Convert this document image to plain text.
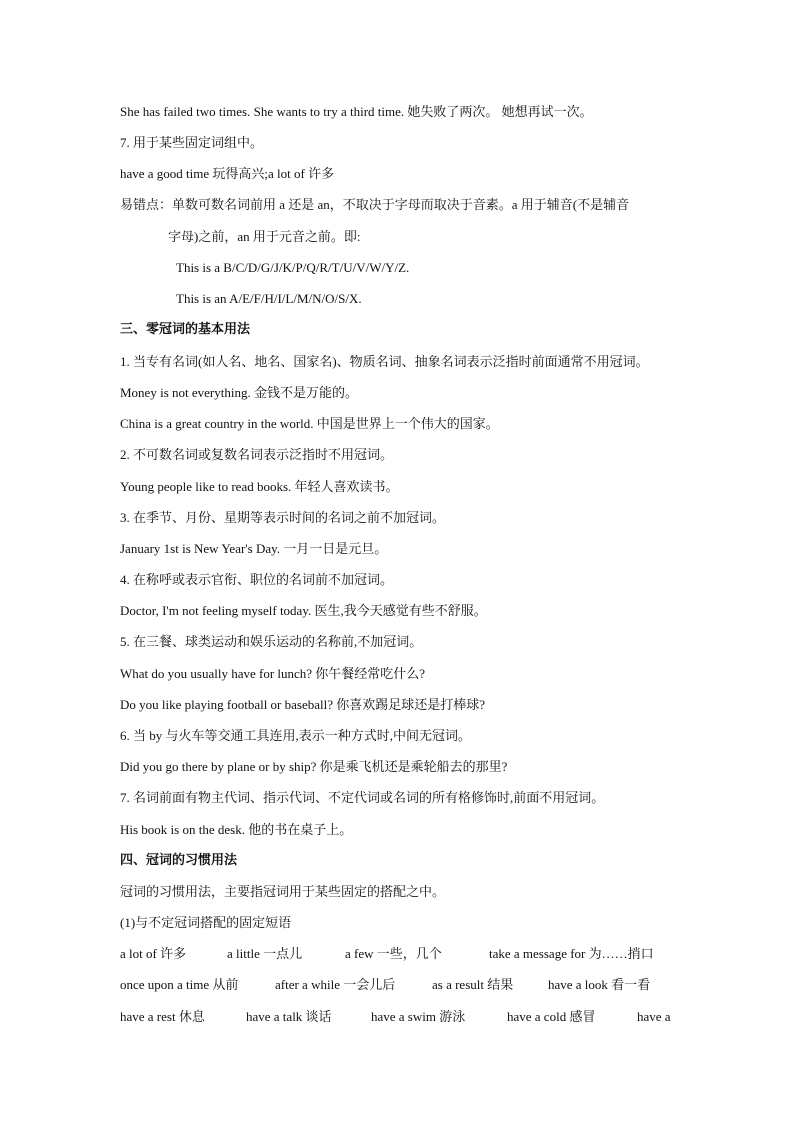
She has failed two times. She wants to try a third time. 她失败了两次。 她想再试一次。
7. 用于某些固定词组中。
have a good time 玩得高兴;a lot of 许多
易错点：单数可数名词前用 a 还是 an，不取决于字母而取决于音素。a 用于辅音(不是辅音
字母)之前，an 用于元音之前。即:
This is a B/C/D/G/J/K/P/Q/R/T/U/V/W/Y/Z.
This is an A/E/F/H/I/L/M/N/O/S/X.
三、零冠词的基本用法
1. 当专有名词(如人名、地名、国家名)、物质名词、抽象名词表示泛指时前面通常不用冠词。
Money is not everything. 金钱不是万能的。
China is a great country in the world. 中国是世界上一个伟大的国家。
2. 不可数名词或复数名词表示泛指时不用冠词。
Young people like to read books. 年轻人喜欢读书。
3. 在季节、月份、星期等表示时间的名词之前不加冠词。
January 1st is New Year's Day. 一月一日是元旦。
4. 在称呼或表示官衔、职位的名词前不加冠词。
Doctor, I'm not feeling myself today. 医生,我今天感觉有些不舒服。
5. 在三餐、球类运动和娱乐运动的名称前,不加冠词。
What do you usually have for lunch? 你午餐经常吃什么?
Do you like playing football or baseball? 你喜欢踢足球还是打棒球?
6. 当 by 与火车等交通工具连用,表示一种方式时,中间无冠词。
Did you go there by plane or by ship? 你是乘飞机还是乘轮船去的那里?
7. 名词前面有物主代词、指示代词、不定代词或名词的所有格修饰时,前面不用冠词。
His book is on the desk. 他的书在桌子上。
四、冠词的习惯用法
冠词的习惯用法，主要指冠词用于某些固定的搭配之中。
(1)与不定冠词搭配的固定短语
a lot of 许多	a little 一点儿	a few 一些，几个	take a message for 为……捎口
once upon a time 从前	after a while 一会儿后	as a result 结果	have a look 看一看
have a rest 休息	have a talk 谈话	have a swim 游泳	have a cold 感冒	have a
